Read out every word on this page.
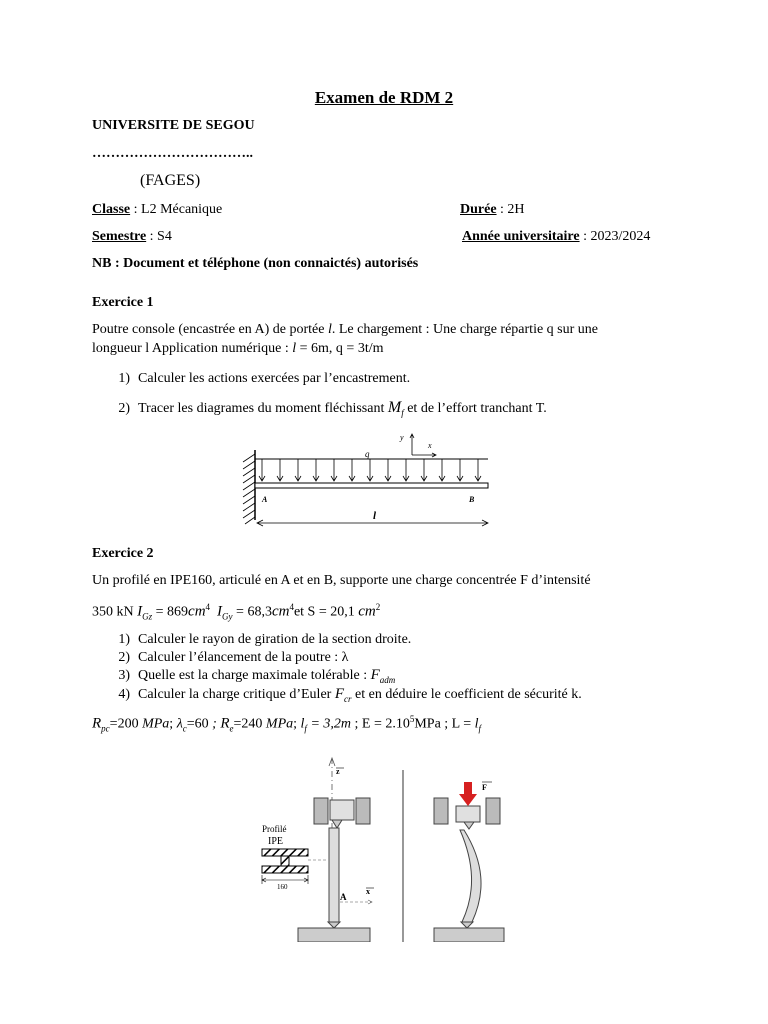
Examen de RDM 2
UNIVERSITE DE SEGOU
……………………………..
(FAGES)
Classe : L2 Mécanique	Durée : 2H
Semestre : S4	Année universitaire : 2023/2024
NB : Document et téléphone (non connaictés) autorisés
Exercice 1
Poutre console (encastrée en A) de portée l. Le chargement : Une charge répartie q sur une
longueur l Application numérique : l = 6m, q = 3t/m
1) Calculer les actions exercées par l’encastrement.
2) Tracer les diagrames du moment fléchissant $M_f$ et de l’effort tranchant T.
q
y
x
A	B
l
Exercice 2
Un profilé en IPE160, articulé en A et en B, supporte une charge concentrée F d’intensité
350 kN $I_{Gz} = 869cm^4$ $I_{Gy} = 68,3cm^4et$ S = 20,1 $cm^2$
1) Calculer le rayon de giration de la section droite.
2) Calculer l’élancement de la poutre : λ
3) Quelle est la charge maximale tolérable : $F_{adm}$
4) Calculer la charge critique d’Euler $F_{cr}$ et en déduire le coefficient de sécurité k.
$R_{pc}=200$ MPa; $\lambda_c=60$ ; $R_e=240$ MPa; $l_f = 3,2m$ ; $E = 2.10^5MPa$ ; $L = l_f$
z
A
x
Profilé
IPE
160
F
